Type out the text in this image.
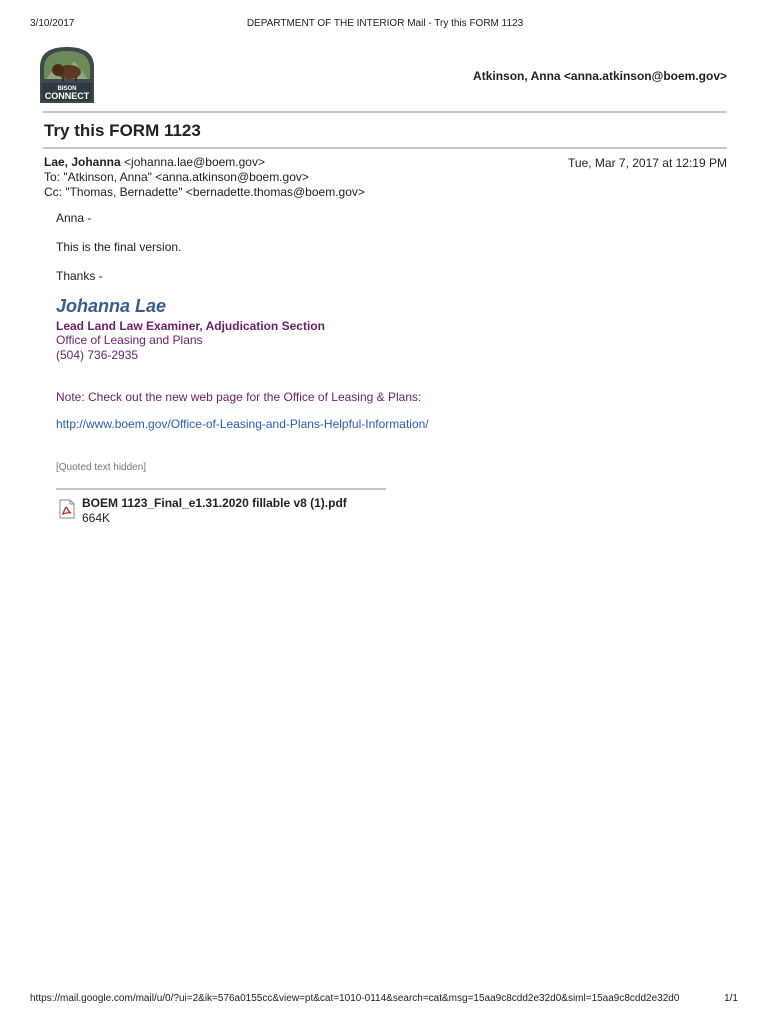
3/10/2017	DEPARTMENT OF THE INTERIOR Mail - Try this FORM 1123
BISON
CONNECT
Atkinson, Anna <anna.atkinson@boem.gov>
Try this FORM 1123
Lae, Johanna <johanna.lae@boem.gov>
To: "Atkinson, Anna" <anna.atkinson@boem.gov>
Cc: "Thomas, Bernadette" <bernadette.thomas@boem.gov>
Tue, Mar 7, 2017 at 12:19 PM
Anna -
This is the final version.
Thanks -
Johanna Lae
Lead Land Law Examiner, Adjudication Section
Office of Leasing and Plans
(504) 736-2935
Note: Check out the new web page for the Office of Leasing & Plans:
http://www.boem.gov/Office-of-Leasing-and-Plans-Helpful-Information/
[Quoted text hidden]
BOEM 1123_Final_e1.31.2020 fillable v8 (1).pdf
664K
https://mail.google.com/mail/u/0/?ui=2&ik=576a0155cc&view=pt&cat=1010-0114&search=cat&msg=15aa9c8cdd2e32d0&siml=15aa9c8cdd2e32d0	1/1
